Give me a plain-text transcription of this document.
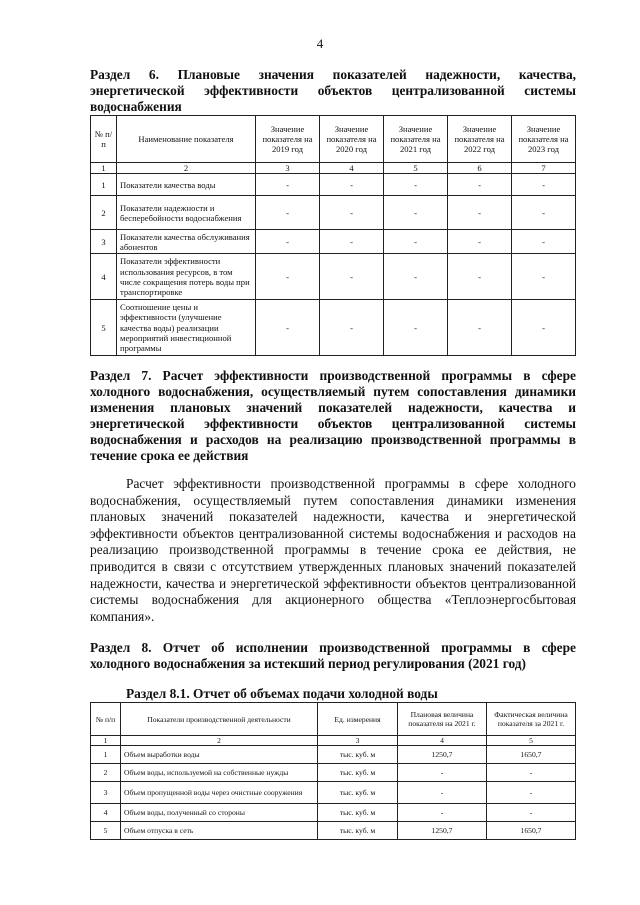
4
Раздел 6. Плановые значения показателей надежности, качества, энергетической эффективности объектов централизованной системы водоснабжения
№ п/п	Наименование показателя	Значение показателя на 2019 год	Значение показателя на 2020 год	Значение показателя на 2021 год	Значение показателя на 2022 год	Значение показателя на 2023 год
1	2	3	4	5	6	7
1	Показатели качества воды	-	-	-	-	-
2	Показатели надежности и бесперебойности водоснабжения	-	-	-	-	-
3	Показатели качества обслуживания абонентов	-	-	-	-	-
4	Показатели эффективности использования ресурсов, в том числе сокращения потерь воды при транспортировке	-	-	-	-	-
5	Соотношение цены и эффективности (улучшение качества воды) реализации мероприятий инвестиционной программы	-	-	-	-	-
Раздел 7. Расчет эффективности производственной программы в сфере холодного водоснабжения, осуществляемый путем сопоставления динамики изменения плановых значений показателей надежности, качества и энергетической эффективности объектов централизованной системы водоснабжения и расходов на реализацию производственной программы в течение срока ее действия
Расчет эффективности производственной программы в сфере холодного водоснабжения, осуществляемый путем сопоставления динамики изменения плановых значений показателей надежности, качества и энергетической эффективности объектов централизованной системы водоснабжения и расходов на реализацию производственной программы в течение срока ее действия, не приводится в связи с отсутствием утвержденных плановых значений показателей надежности, качества и энергетической эффективности объектов централизованной системы водоснабжения для акционерного общества «Теплоэнергосбытовая компания».
Раздел 8. Отчет об исполнении производственной программы в сфере холодного водоснабжения за истекший период регулирования (2021 год)
Раздел 8.1. Отчет об объемах подачи холодной воды
№ п/п	Показатели производственной деятельности	Ед. измерения	Плановая величина показателя на 2021 г.	Фактическая величина показателя за 2021 г.
1	2	3	4	5
1	Объем выработки воды	тыс. куб. м	1250,7	1650,7
2	Объем воды, используемой на собственные нужды	тыс. куб. м	-	-
3	Объем пропущенной воды через очистные сооружения	тыс. куб. м	-	-
4	Объем воды, полученный со стороны	тыс. куб. м	-	-
5	Объем отпуска в сеть	тыс. куб. м	1250,7	1650,7
